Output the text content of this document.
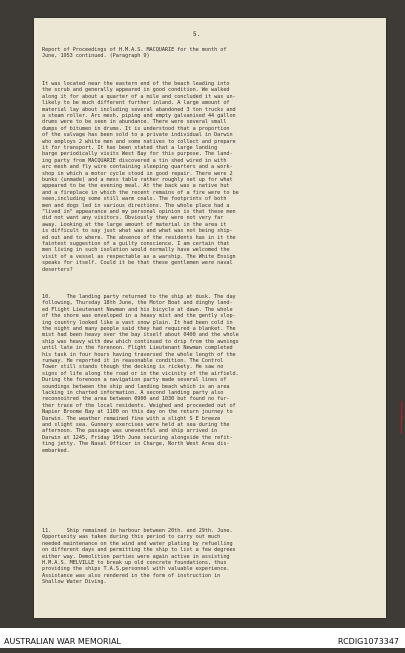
5.
Report of Proceedings of H.M.A.S. MACQUARIE for the month of
June, 1953 continued. (Paragraph 9)
It was located near the eastern end of the beach leading into
the scrub and generally appeared in good condition. We walked
along it for about a quarter of a mile and concluded it was un-
likely to be much different further inland. A large amount of
material lay about including several abandoned 3 ton trucks and
a steam roller. Arc mesh, piping and empty galvanised 44 gallon
drums were to be seen in abundance. There were several small
dumps of bitumen in drums. It is understood that a proportion
of the salvage has been sold to a private individual in Darwin
who employs 2 white men and some natives to collect and prepare
it for transport. It has been stated that a large landing
barge periodically visits West Bay for this purpose. The land-
ing party from MACQUARIE discovered a tin shed wired in with
arc mesh and fly wire containing sleeping quarters and a work-
shop in which a motor cycle stood in good repair. There were 2
bunks (unmade) and a mess table rather roughly set up for what
appeared to be the evening meal. At the back was a native hut
and a fireplace in which the recent remains of a fire were to be
seen,including some still warm coals. The footprints of both
men and dogs led in various directions. The whole place had a
"lived in" appearance and my personal opinion is that these men
did not want any visitors. Obviously they were not very far
away. Looking at the large amount of material in the area it
is difficult to say just what was and what was not being ship-
ed out and to where. The absence of the residents has in it the
faintest suggestion of a guilty conscience. I am certain that
men living in such isolation would normally have welcomed the
visit of a vessel as respectable as a warship. The White Ensign
speaks for itself. Could it be that these gentlemen were naval
deserters?
10.     The landing party returned to the ship at dusk. The day
following, Thursday 18th June, the Motor Boat and dinghy land-
ed Flight Lieutenant Newman and his bicycle at dawn. The whole
of the shore was enveloped in a heavy mist and the gently slop-
ing country looked like a vast snow plain. It had been cold in
the night and many people said they had required a blanket. The
mist had been heavy over the bay itself about 0400 and the whole
ship was heavy with dew which continued to drip from the awnings
until late in the forenoon. Flight Lieutenant Newman completed
his task in four hours having traversed the whole length of the
runway. He reported it in reasonable condition. The Control
Tower still stands though the decking is rickety. He saw no
signs of life along the road or in the vicinity of the airfield.
During the forenoon a navigation party made several lines of
soundings between the ship and landing beach which is an area
lacking in charted information. A second landing party also
reconnoitred the area between 0900 and 1030 but found no fur-
ther trace of the local residents. Weighed and proceeded out of
Napier Broome Bay at 1100 on this day on the return journey to
Darwin. The weather remained fine with a slight S E breeze
and slight sea. Gunnery exercises were held at sea during the
afternoon. The passage was uneventful and ship arrived in
Darwin at 1245, Friday 19th June securing alongside the refit-
ting jetty. The Naval Officer in Charge, North West Area dis-
embarked.
11.     Ship remained in harbour between 20th. and 29th. June.
Opportunity was taken during this period to carry out much
needed maintenance on the wind and water plating by refuelling
on different days and permitting the ship to list a few degrees
either way. Demolition parties were again active in assisting
H.M.A.S. MELVILLE to break up old concrete foundations, thus
providing the ships T.A.S.personnel with valuable experience.
Assistance was also rendered in the form of instruction in
Shallow Water Diving.
AUSTRALIAN WAR MEMORIAL	RCDIG1073347
